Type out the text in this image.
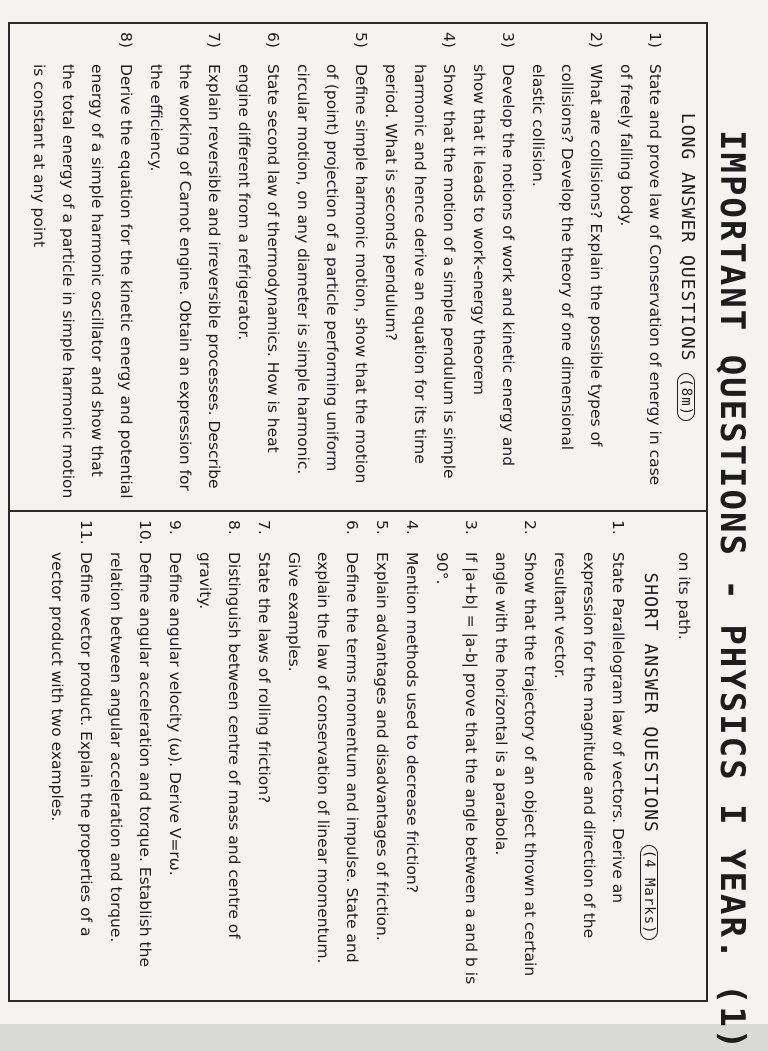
IMPORTANT QUESTIONS - PHYSICS I YEAR. (1)
LONG ANSWER QUESTIONS (8m)
1)
State and prove law of Conservation of energy in case of freely falling body.
2)
What are collisions? Explain the possible types of collisions? Develop the theory of one dimensional elastic collision.
3)
Develop the notions of work and kinetic energy and show that it leads to work-energy theorem
4)
Show that the motion of a simple pendulum is simple harmonic and hence derive an equation for its time period. What is seconds pendulum?
5)
Define simple harmonic motion, show that the motion of (point) projection of a particle performing uniform circular motion, on any diameter is simple harmonic.
6)
State second law of thermodynamics. How is heat engine different from a refrigerator.
7)
Explain reversible and irreversible processes. Describe the working of Carnot engine. Obtain an expression for the efficiency.
8)
Derive the equation for the kinetic energy and potential energy of a simple harmonic oscillator and show that the total energy of a particle in simple harmonic motion is constant at any point
on its path.
SHORT ANSWER QUESTIONS (4 Marks)
1.
State Parallelogram law of vectors. Derive an expression for the magnitude and direction of the resultant vector.
2.
Show that the trajectory of an object thrown at certain angle with the horizontal is a parabola.
3.
If |a+b| = |a-b| prove that the angle between a and b is 90°.
4.
Mention methods used to decrease friction?
5.
Explain advantages and disadvantages of friction.
6.
Define the terms momentum and impulse. State and explain the law of conservation of linear momentum. Give examples.
7.
State the laws of rolling friction?
8.
Distinguish between centre of mass and centre of gravity.
9.
Define angular velocity (ω). Derive V=rω.
10.
Define angular acceleration and torque. Establish the relation between angular acceleration and torque.
11.
Define vector product. Explain the properties of a vector product with two examples.
